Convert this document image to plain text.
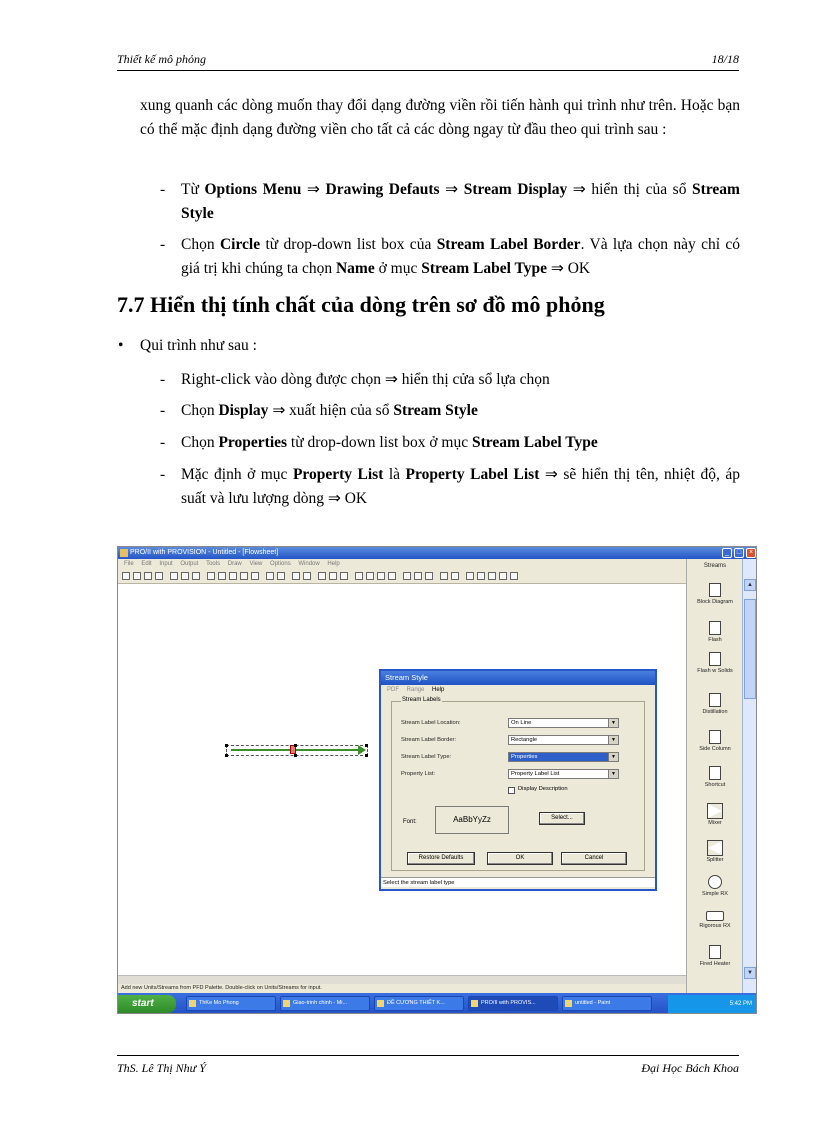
Thiết kế mô phỏng	18/18
xung quanh các dòng muốn thay đổi dạng đường viền rồi tiến hành qui trình như trên. Hoặc bạn có thể mặc định dạng đường viền cho tất cả các dòng ngay từ đầu theo qui trình sau :
-	Từ Options Menu ⇒ Drawing Defauts ⇒ Stream Display ⇒ hiển thị của sổ Stream Style
-	Chọn Circle từ drop-down list box của Stream Label Border. Và lựa chọn này chỉ có giá trị khi chúng ta chọn Name ở mục Stream Label Type ⇒ OK
7.7 Hiển thị tính chất của dòng trên sơ đồ mô phỏng
• Qui trình như sau :
-	Right-click vào dòng được chọn ⇒ hiển thị cửa sổ lựa chọn
-	Chọn Display ⇒ xuất hiện của sổ Stream Style
-	Chọn Properties từ drop-down list box ở mục Stream Label Type
-	Mặc định ở mục Property List là Property Label List ⇒ sẽ hiển thị tên, nhiệt độ, áp suất và lưu lượng dòng ⇒ OK
PRO/II with PROVISION - Untitled - [Flowsheet]	_	□	×
File Edit Input Output Tools Draw View Options Window Help
Stream Style
PDF Range Help
Stream Labels
Stream Label Location:	On Line	▼
Stream Label Border:	Rectangle	▼
Stream Label Type:	Properties	▼
Property List:	Property Label List	▼
Display Description
Font:	AaBbYyZz	Select...
Restore Defaults	OK	Cancel
Select the stream label type
Add new Units/Streams from PFD Palette. Double-click on Units/Streams for input.
Streams
Block Diagram
Flash
Flash w Solids
Distillation
Side Column
Shortcut
Mixer
Splitter
Simple RX
Rigorous RX
Fired Heater
▲
▼
start	ThKe Mo Phong	Giao-trinh chinh - Mi...	ĐỀ CƯƠNG THIẾT K...	PRO/II with PROVIS...	untitled - Paint	5:42 PM
ThS. Lê Thị Như Ý	Đại Học Bách Khoa
